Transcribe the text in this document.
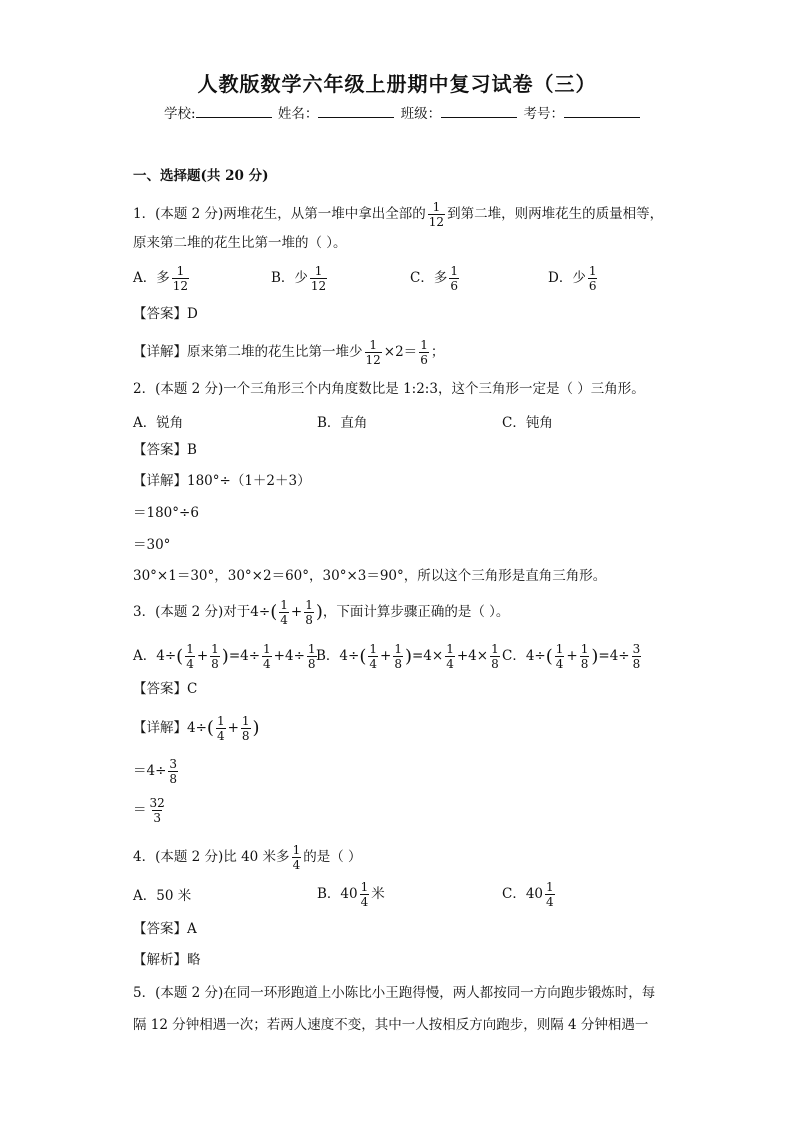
人教版数学六年级上册期中复习试卷（三）
学校:	姓名：	班级：	考号：
一、选择题(共 20 分)
1．(本题 2 分)两堆花生，从第一堆中拿出全部的 $\frac{1}{12}$ 到第二堆，则两堆花生的质量相等，
原来第二堆的花生比第一堆的（ ）。
A．多 $\frac{1}{12}$	B．少 $\frac{1}{12}$	C．多 $\frac{1}{6}$	D．少 $\frac{1}{6}$
【答案】D
【详解】原来第二堆的花生比第一堆少 $\frac{1}{12} \times 2= \frac{1}{6}$ ；
2．(本题 2 分)一个三角形三个内角度数比是 1:2:3，这个三角形一定是（ ）三角形。
A．锐角	B．直角	C．钝角
【答案】B
【详解】180°÷（1＋2＋3）
＝180°÷6
＝30°
30°×1＝30°，30°×2＝60°，30°×3＝90°，所以这个三角形是直角三角形。
3．(本题 2 分)对于$4\div( \frac{1}{4} + \frac{1}{8}$ )，下面计算步骤正确的是（ ）。
A．$4\div( \frac{1}{4} + \frac{1}{8} )=4\div \frac{1}{4} +4\div \frac{1}{8}$ B．$4\div( \frac{1}{4} + \frac{1}{8} )=4\times \frac{1}{4} +4\times \frac{1}{8}$ C．$4\div( \frac{1}{4} + \frac{1}{8} )=4\div \frac{3}{8}$
【答案】C
【详解】$4\div( \frac{1}{4} + \frac{1}{8}$ )
$=4\div \frac{3}{8}$
＝ $\frac{32}{3}$
4．(本题 2 分)比 40 米多 $\frac{1}{4}$ 的是（ ）
A．50 米	B．$40 \frac{1}{4}$ 米	C．$40 \frac{1}{4}$
【答案】A
【解析】略
5．(本题 2 分)在同一环形跑道上小陈比小王跑得慢，两人都按同一方向跑步锻炼时，每
隔 12 分钟相遇一次；若两人速度不变，其中一人按相反方向跑步，则隔 4 分钟相遇一
